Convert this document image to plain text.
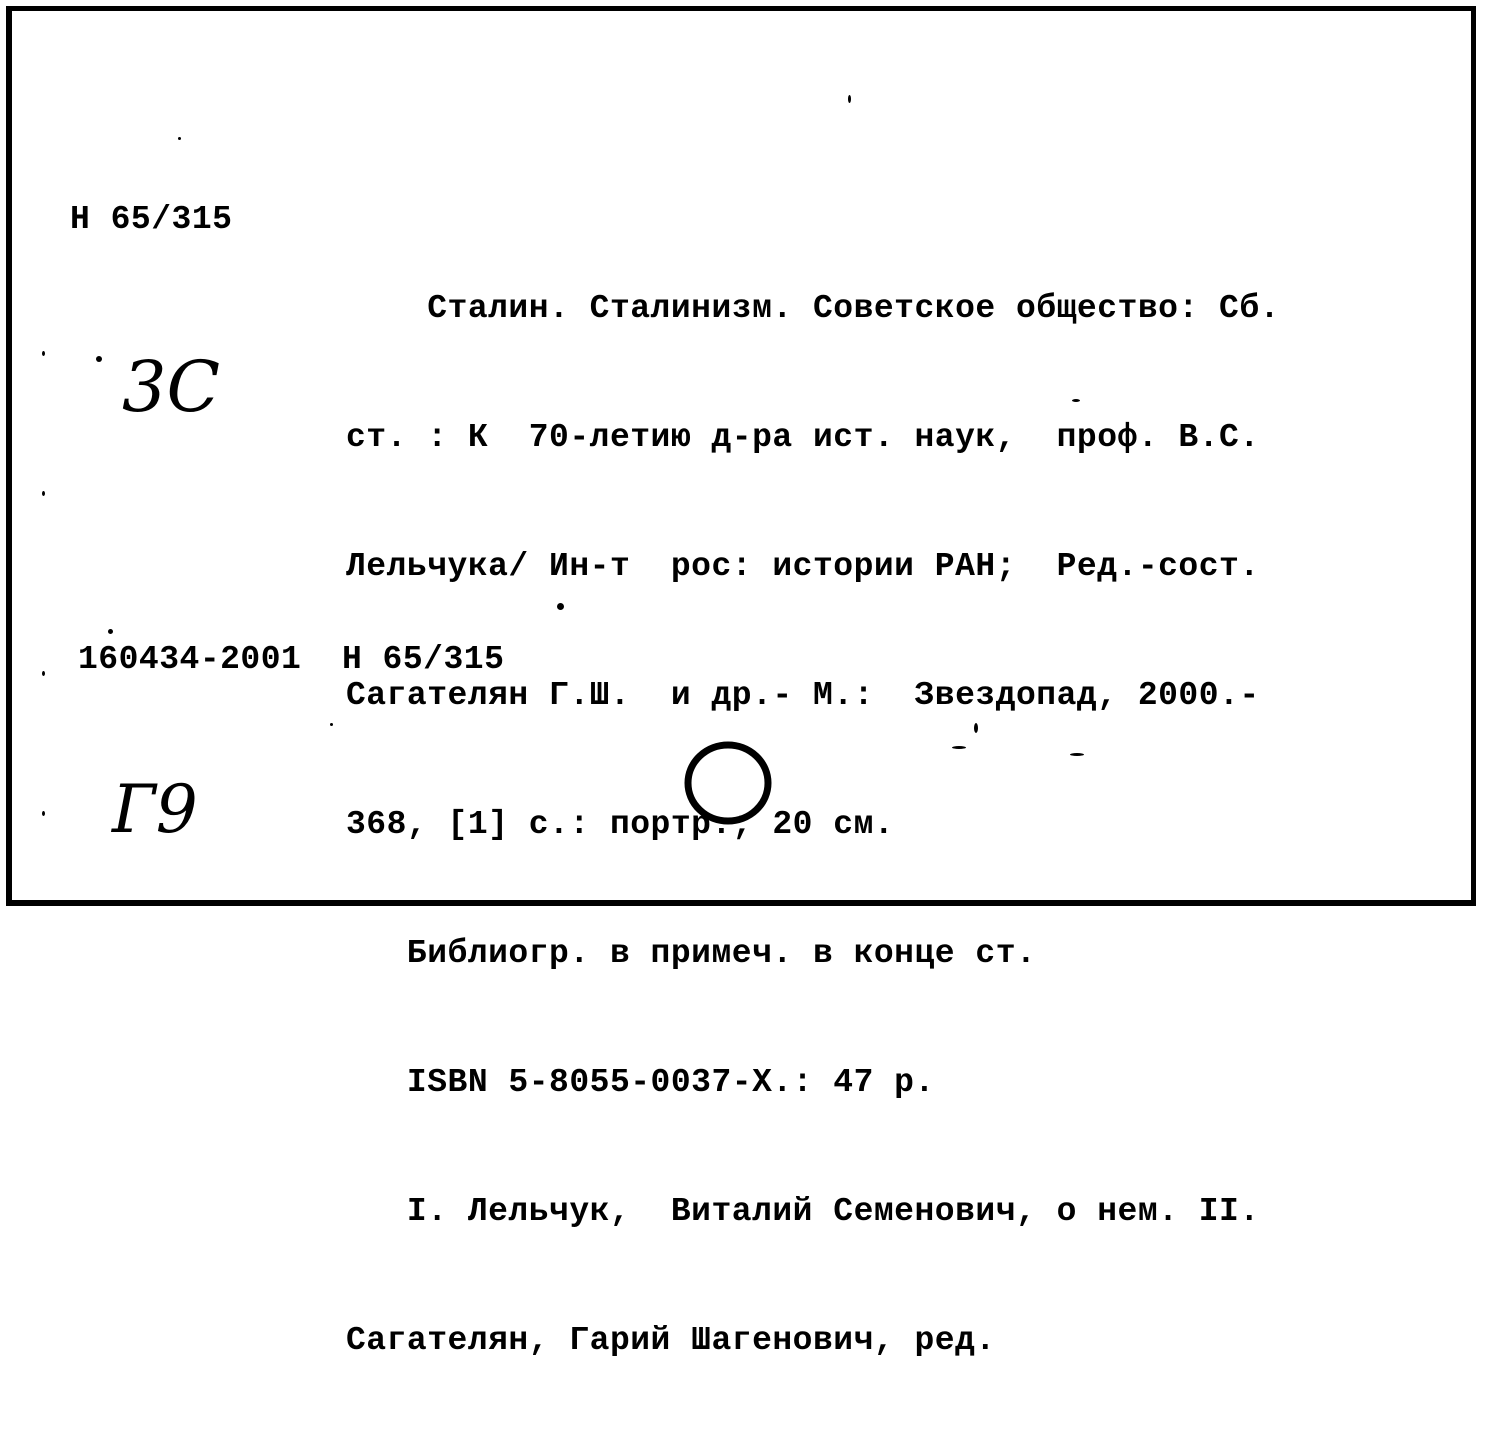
Н 65/315
3С

Сталин. Сталинизм. Советское общество: Сб.

ст. : К  70-летию д-ра ист. наук,  проф. В.С.

Лельчука/ Ин-т  рос: истории РАН;  Ред.-сост.

Сагателян Г.Ш.  и др.- М.:  Звездопад, 2000.-

368, [1] с.: портр.; 20 см.

Библиогр. в примеч. в конце ст.

ISBN 5-8055-0037-X.: 47 р.

I. Лельчук,  Виталий Семенович, о нем. II.

Сагателян, Гарий Шагенович, ред.

160434-2001  Н 65/315
Г9
